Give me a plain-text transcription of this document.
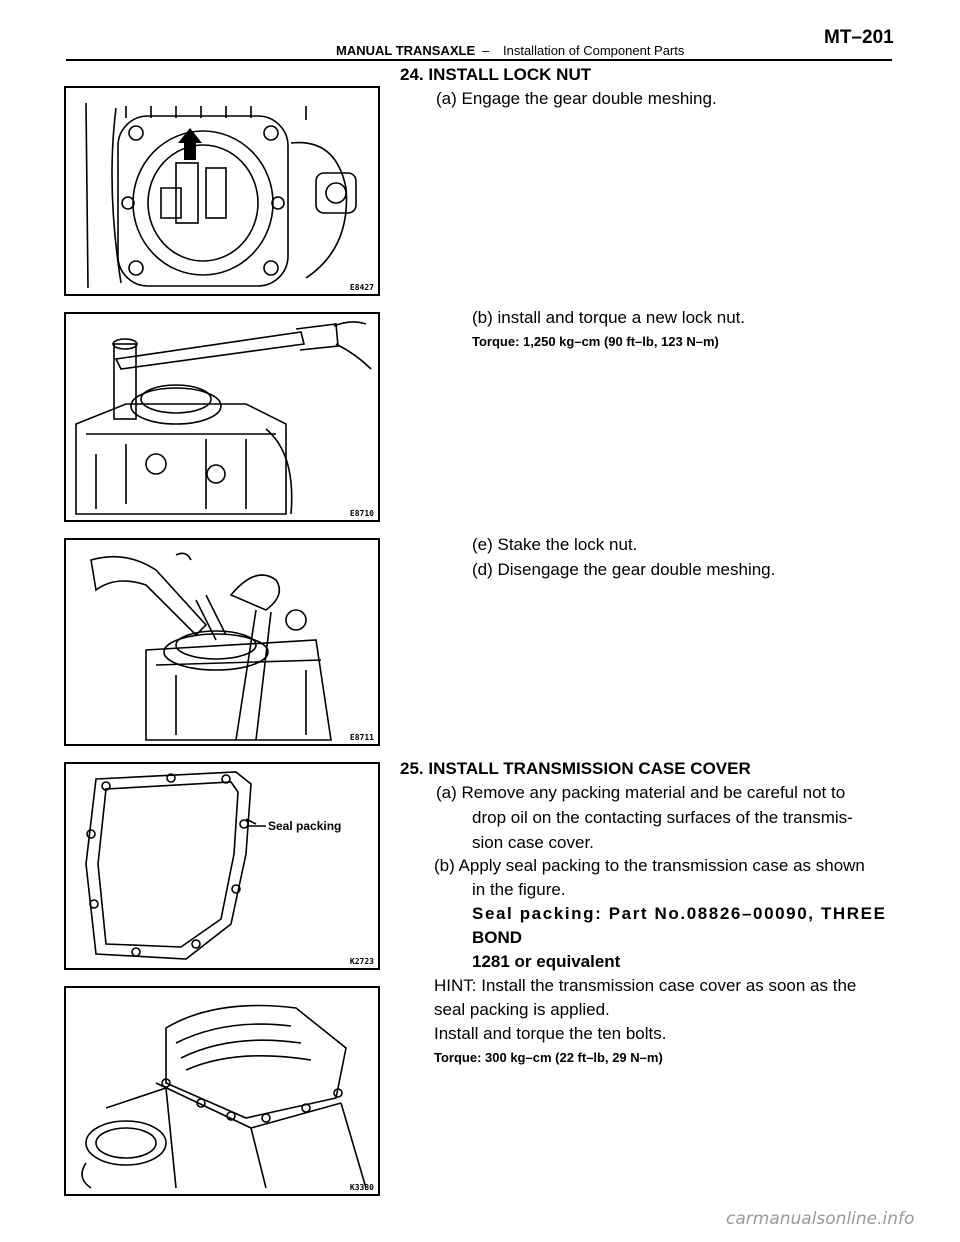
MANUAL TRANSAXLE – Installation of Component Parts
MT–201
E8427
E8710
E8711
Seal packing
K2723
K3380
24. INSTALL LOCK NUT
(a) Engage the gear double meshing.
(b) install and torque a new lock nut.
Torque: 1,250 kg–cm (90 ft–lb, 123 N–m)
(e) Stake the lock nut.
(d) Disengage the gear double meshing.
25. INSTALL TRANSMISSION CASE COVER
(a) Remove any packing material and be careful not to
drop oil on the contacting surfaces of the transmis-
sion case cover.
(b) Apply seal packing to the transmission case as shown
in the figure.
Seal packing: Part No.08826–00090, THREE
BOND
1281 or equivalent
HINT: Install the transmission case cover as soon as the
seal packing is applied.
Install and torque the ten bolts.
Torque: 300 kg–cm (22 ft–lb, 29 N–m)
carmanualsonline.info
